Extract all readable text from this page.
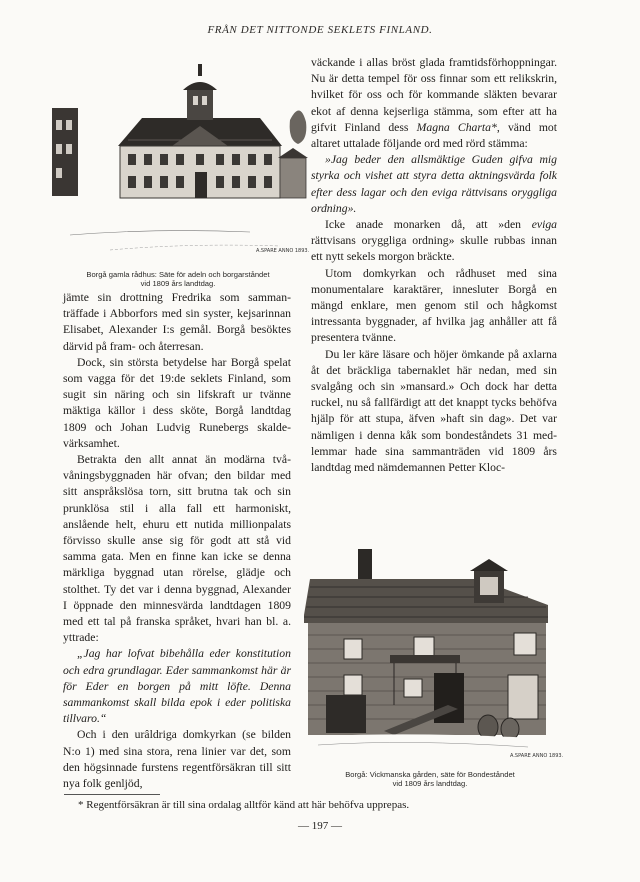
FRÅN DET NITTONDE SEKLETS FINLAND.
A.SPARE ANNO 1893.
Borgå gamla rådhus: Säte för adeln och borgarståndet
vid 1809 års landtdag.

jämte sin drottning Fredrika som sammanträffade i Abborfors med sin syster, kejsarinnan Elisabet, Alexander I:s gemål. Borgå besöktes därvid på fram- och återresan.

Dock, sin största betydelse har Borgå spelat som vagga för det 19:de seklets Finland, som sugit sin näring och sin lifskraft ur tvänne mäktiga källor i dess sköte, Borgå landtdag 1809 och Johan Ludvig Runebergs skaldevärksamhet.

Betrakta den allt annat än modärna tvåvåningsbyggnaden här ofvan; den bildar med sitt anspråkslösa torn, sitt brutna tak och sin prunklösa stil i alla fall ett harmoniskt, anslående helt, ehuru ett nutida millionpalats förvisso skulle anse sig för godt att stå vid samma gata. Men en finne kan icke se denna märkliga byggnad utan rörelse, glädje och stolthet. Ty det var i denna byggnad, Alexander I öppnade den minnesvärda landtdagen 1809 med ett tal på franska språket, hvari han bl. a. yttrade:

„Jag har lofvat bibehålla eder konstitution och edra grundlagar. Eder sammankomst här är för Eder en borgen på mitt löfte. Denna sammankomst skall bilda epok i eder politiska tillvaro.“

Och i den urâldriga domkyrkan (se bilden N:o 1) med sina stora, rena linier var det, som den högsinnade furstens regentförsäkran till sitt nya folk genljöd,

väckande i allas bröst glada framtidsförhoppningar. Nu är detta tempel för oss finnar som ett relikskrin, hvilket för oss och för kommande släkten bevarar ekot af denna kejserliga stämma, som efter att ha gifvit Finland dess Magna Charta*, vänd mot altaret uttalade följande ord med rörd stämma:

»Jag beder den allsmäktige Guden gifva mig styrka och vishet att styra detta aktningsvärda folk efter dess lagar och den eviga rättvisans oryggliga ordning».

Icke anade monarken då, att »den eviga rättvisans oryggliga ordning» skulle rubbas innan ett nytt sekels morgon bräckte.

Utom domkyrkan och rådhuset med sina monumentalare karaktärer, innesluter Borgå en mängd enklare, men genom stil och hågkomst intressanta byggnader, af hvilka jag anhåller att få presentera tvänne.

Du ler käre läsare och höjer ömkande på axlarna åt det bräckliga tabernaklet här nedan, med sin svalgång och sin »mansard.» Och dock har detta ruckel, nu så fallfärdigt att det knappt tycks behöfva hjälp för att stupa, äfven »haft sin dag». Det var nämligen i denna kåk som bondeståndets 31 medlemmar hade sina sammanträden vid 1809 års landtdag med nämdemannen Petter Kloc-

A.SPARE ANNO 1893.
Borgå: Vickmanska gården, säte för Bondeståndet
vid 1809 års landtdag.
* Regentförsäkran är till sina ordalag alltför känd att här behöfva upprepas.
— 197 —
